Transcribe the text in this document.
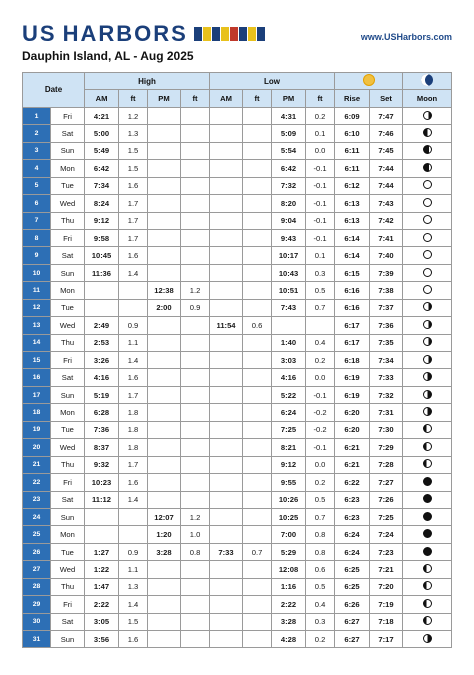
US HARBORS
Dauphin Island, AL - Aug 2025
www.USHarbors.com
Date		High				Low						
		AM	ft	PM	ft	AM	ft	PM	ft	Rise	Set	Moon
1	Fri	4:21	1.2					4:31	0.2	6:09	7:47	
2	Sat	5:00	1.3					5:09	0.1	6:10	7:46	
3	Sun	5:49	1.5					5:54	0.0	6:11	7:45	
4	Mon	6:42	1.5					6:42	-0.1	6:11	7:44	
5	Tue	7:34	1.6					7:32	-0.1	6:12	7:44	
6	Wed	8:24	1.7					8:20	-0.1	6:13	7:43	
7	Thu	9:12	1.7					9:04	-0.1	6:13	7:42	
8	Fri	9:58	1.7					9:43	-0.1	6:14	7:41	
9	Sat	10:45	1.6					10:17	0.1	6:14	7:40	
10	Sun	11:36	1.4					10:43	0.3	6:15	7:39	
11	Mon			12:38	1.2			10:51	0.5	6:16	7:38	
12	Tue			2:00	0.9			7:43	0.7	6:16	7:37	
13	Wed	2:49	0.9			11:54	0.6			6:17	7:36	
14	Thu	2:53	1.1					1:40	0.4	6:17	7:35	
15	Fri	3:26	1.4					3:03	0.2	6:18	7:34	
16	Sat	4:16	1.6					4:16	0.0	6:19	7:33	
17	Sun	5:19	1.7					5:22	-0.1	6:19	7:32	
18	Mon	6:28	1.8					6:24	-0.2	6:20	7:31	
19	Tue	7:36	1.8					7:25	-0.2	6:20	7:30	
20	Wed	8:37	1.8					8:21	-0.1	6:21	7:29	
21	Thu	9:32	1.7					9:12	0.0	6:21	7:28	
22	Fri	10:23	1.6					9:55	0.2	6:22	7:27	
23	Sat	11:12	1.4					10:26	0.5	6:23	7:26	
24	Sun			12:07	1.2			10:25	0.7	6:23	7:25	
25	Mon			1:20	1.0			7:00	0.8	6:24	7:24	
26	Tue	1:27	0.9	3:28	0.8	7:33	0.7	5:29	0.8	6:24	7:23	
27	Wed	1:22	1.1					12:08	0.6	6:25	7:21	
28	Thu	1:47	1.3					1:16	0.5	6:25	7:20	
29	Fri	2:22	1.4					2:22	0.4	6:26	7:19	
30	Sat	3:05	1.5					3:28	0.3	6:27	7:18	
31	Sun	3:56	1.6					4:28	0.2	6:27	7:17	
